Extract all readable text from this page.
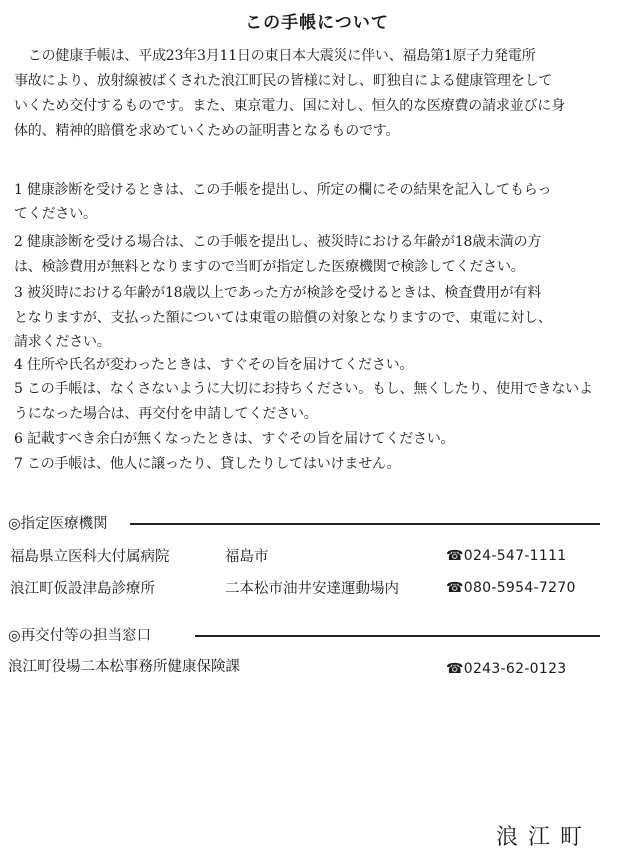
この手帳について
　この健康手帳は、平成23年3月11日の東日本大震災に伴い、福島第1原子力発電所
事故により、放射線被ばくされた浪江町民の皆様に対し、町独自による健康管理をして
いくため交付するものです。また、東京電力、国に対し、恒久的な医療費の請求並びに身
体的、精神的賠償を求めていくための証明書となるものです。
1 健康診断を受けるときは、この手帳を提出し、所定の欄にその結果を記入してもらっ
てください。
2 健康診断を受ける場合は、この手帳を提出し、被災時における年齢が18歳未満の方
は、検診費用が無料となりますので当町が指定した医療機関で検診してください。
3 被災時における年齢が18歳以上であった方が検診を受けるときは、検査費用が有料
となりますが、支払った額については東電の賠償の対象となりますので、東電に対し、
請求ください。
4 住所や氏名が変わったときは、すぐその旨を届けてください。
5 この手帳は、なくさないように大切にお持ちください。もし、無くしたり、使用できないよ
うになった場合は、再交付を申請してください。
6 記載すべき余白が無くなったときは、すぐその旨を届けてください。
7 この手帳は、他人に譲ったり、貸したりしてはいけません。
◎指定医療機関
福島県立医科大付属病院	福島市	☎024-547-1111
浪江町仮設津島診療所	二本松市油井安達運動場内	☎080-5954-7270
◎再交付等の担当窓口
浪江町役場二本松事務所健康保険課	☎0243-62-0123
浪江町
